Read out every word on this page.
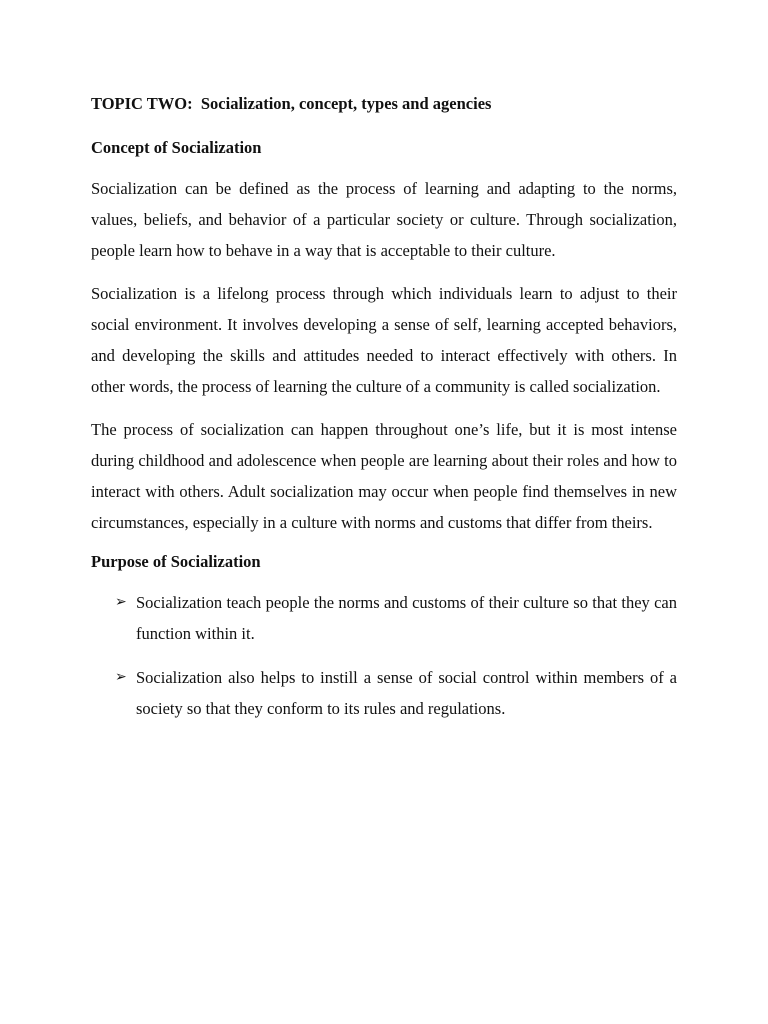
TOPIC TWO:  Socialization, concept, types and agencies
Concept of Socialization

Socialization can be defined as the process of learning and adapting to the norms, values, beliefs, and behavior of a particular society or culture. Through socialization, people learn how to behave in a way that is acceptable to their culture.

Socialization is a lifelong process through which individuals learn to adjust to their social environment. It involves developing a sense of self, learning accepted behaviors, and developing the skills and attitudes needed to interact effectively with others. In other words, the process of learning the culture of a community is called socialization.

The process of socialization can happen throughout one’s life, but it is most intense during childhood and adolescence when people are learning about their roles and how to interact with others. Adult socialization may occur when people find themselves in new circumstances, especially in a culture with norms and customs that differ from theirs.

Purpose of Socialization
➢ Socialization teach people the norms and customs of their culture so that they can function within it.
➢ Socialization also helps to instill a sense of social control within members of a society so that they conform to its rules and regulations.
